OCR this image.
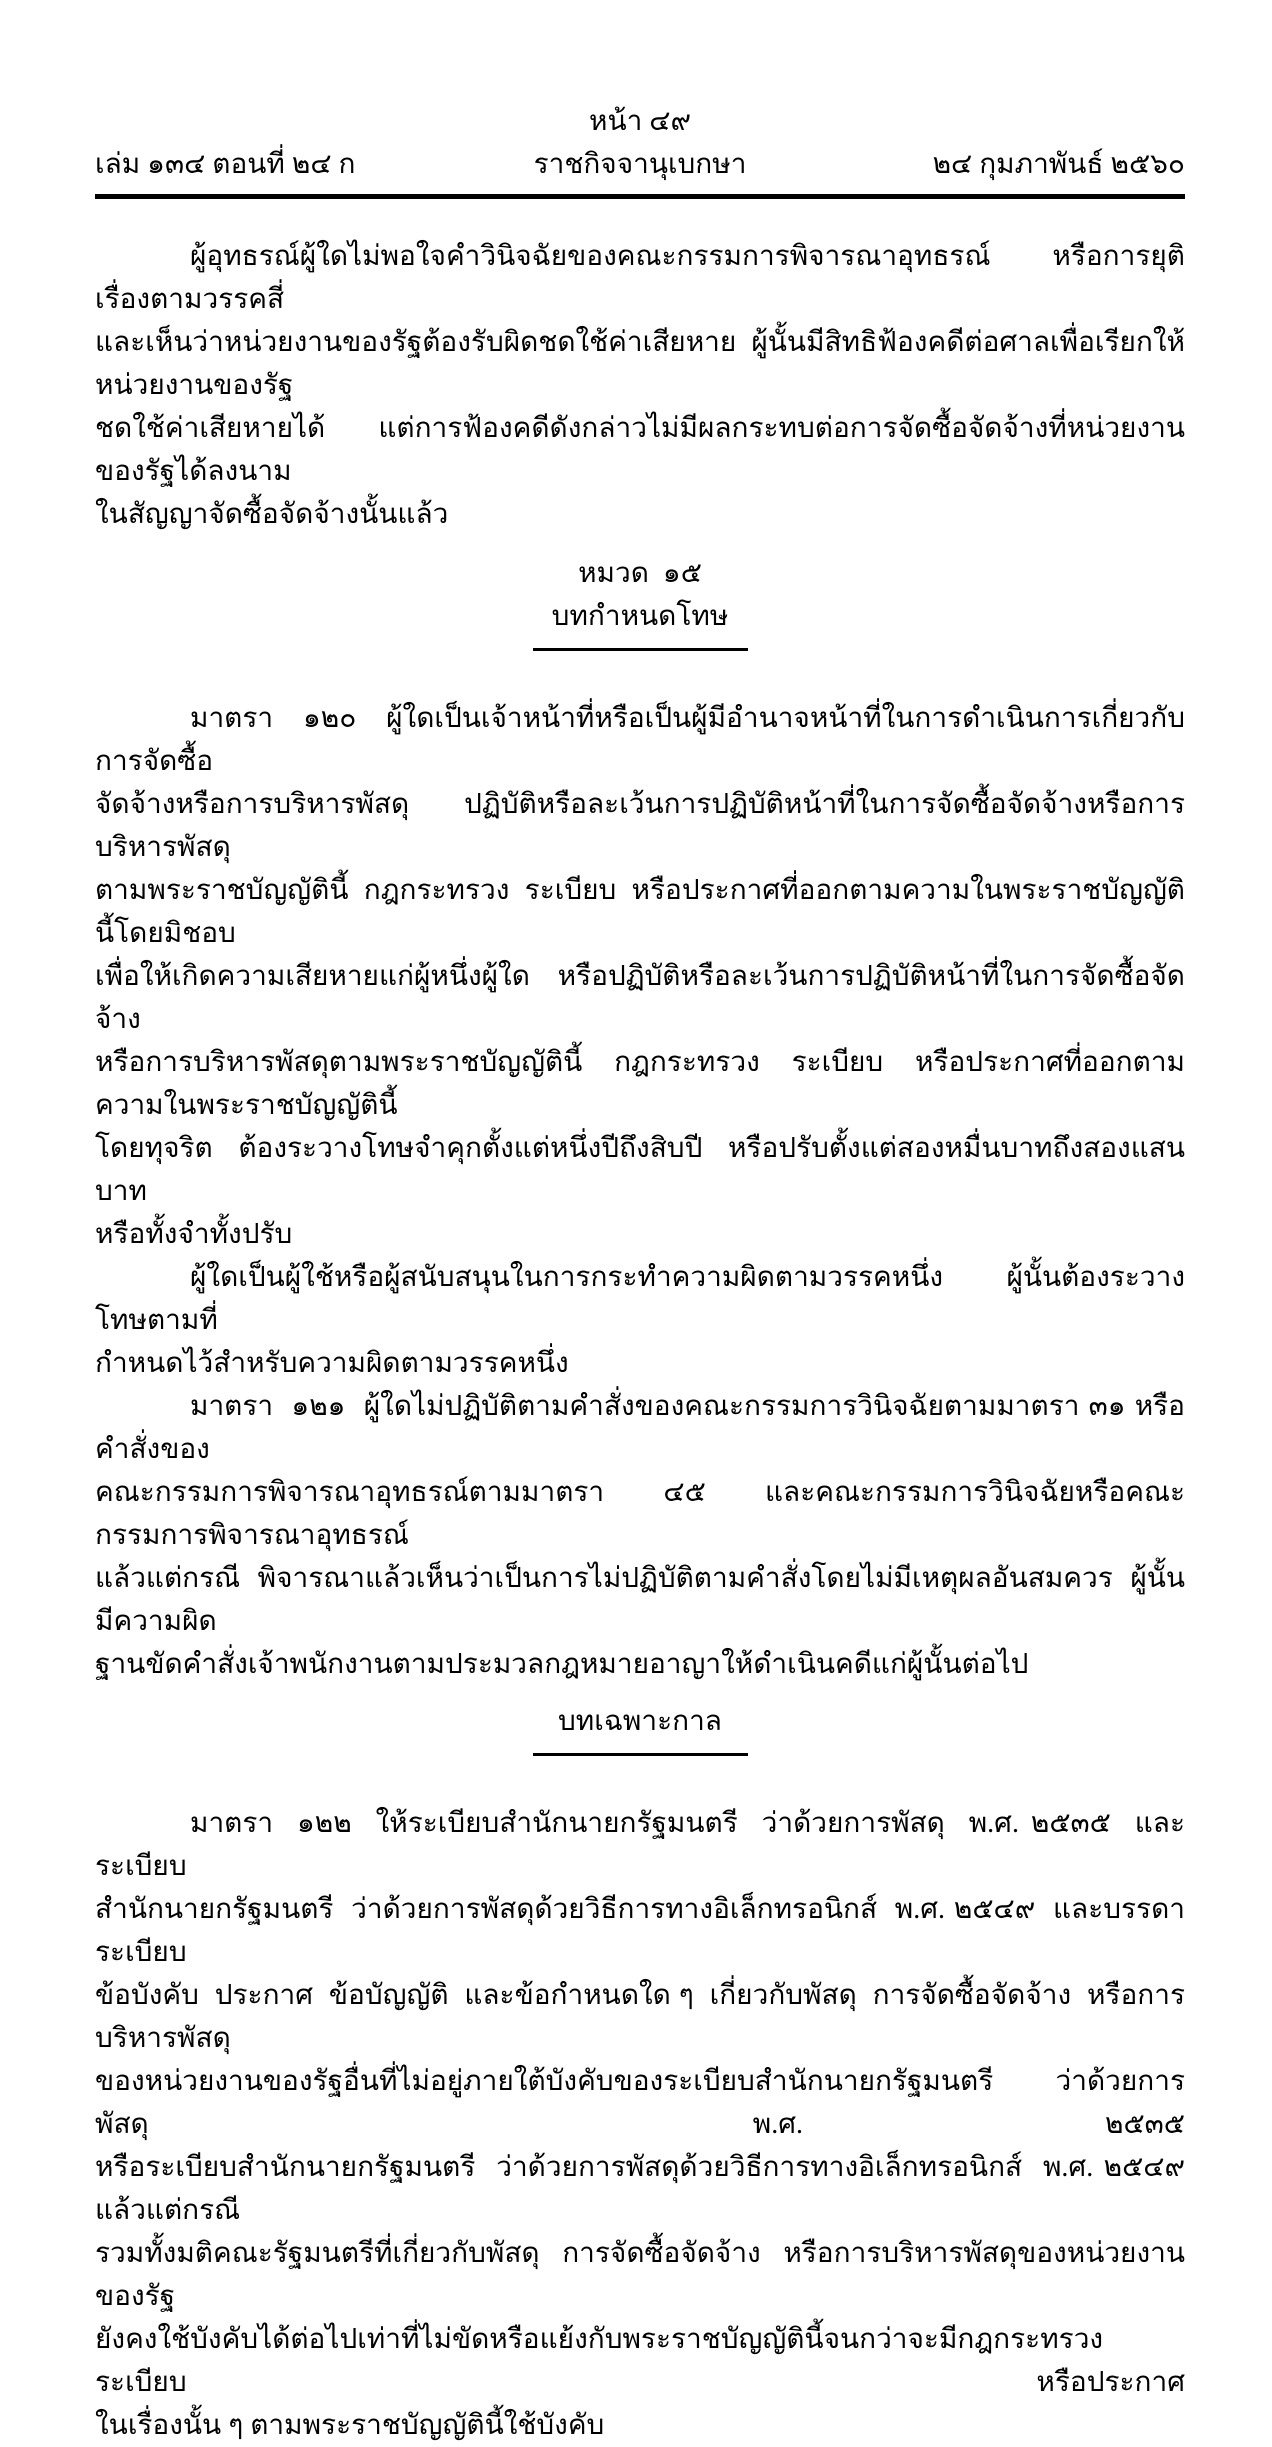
หน้า ๔๙
เล่ม ๑๓๔ ตอนที่ ๒๔ ก	ราชกิจจานุเบกษา	๒๔ กุมภาพันธ์ ๒๕๖๐
ผู้อุทธรณ์ผู้ใดไม่พอใจคำวินิจฉัยของคณะกรรมการพิจารณาอุทธรณ์  หรือการยุติเรื่องตามวรรคสี่
และเห็นว่าหน่วยงานของรัฐต้องรับผิดชดใช้ค่าเสียหาย  ผู้นั้นมีสิทธิฟ้องคดีต่อศาลเพื่อเรียกให้หน่วยงานของรัฐ
ชดใช้ค่าเสียหายได้  แต่การฟ้องคดีดังกล่าวไม่มีผลกระทบต่อการจัดซื้อจัดจ้างที่หน่วยงานของรัฐได้ลงนาม
ในสัญญาจัดซื้อจัดจ้างนั้นแล้ว
หมวด  ๑๕
บทกำหนดโทษ
มาตรา  ๑๒๐  ผู้ใดเป็นเจ้าหน้าที่หรือเป็นผู้มีอำนาจหน้าที่ในการดำเนินการเกี่ยวกับการจัดซื้อ
จัดจ้างหรือการบริหารพัสดุ  ปฏิบัติหรือละเว้นการปฏิบัติหน้าที่ในการจัดซื้อจัดจ้างหรือการบริหารพัสดุ
ตามพระราชบัญญัตินี้  กฎกระทรวง  ระเบียบ  หรือประกาศที่ออกตามความในพระราชบัญญัตินี้โดยมิชอบ
เพื่อให้เกิดความเสียหายแก่ผู้หนึ่งผู้ใด  หรือปฏิบัติหรือละเว้นการปฏิบัติหน้าที่ในการจัดซื้อจัดจ้าง
หรือการบริหารพัสดุตามพระราชบัญญัตินี้  กฎกระทรวง  ระเบียบ  หรือประกาศที่ออกตามความในพระราชบัญญัตินี้
โดยทุจริต  ต้องระวางโทษจำคุกตั้งแต่หนึ่งปีถึงสิบปี  หรือปรับตั้งแต่สองหมื่นบาทถึงสองแสนบาท
หรือทั้งจำทั้งปรับ
ผู้ใดเป็นผู้ใช้หรือผู้สนับสนุนในการกระทำความผิดตามวรรคหนึ่ง  ผู้นั้นต้องระวางโทษตามที่
กำหนดไว้สำหรับความผิดตามวรรคหนึ่ง
มาตรา  ๑๒๑  ผู้ใดไม่ปฏิบัติตามคำสั่งของคณะกรรมการวินิจฉัยตามมาตรา ๓๑ หรือคำสั่งของ
คณะกรรมการพิจารณาอุทธรณ์ตามมาตรา ๔๕ และคณะกรรมการวินิจฉัยหรือคณะกรรมการพิจารณาอุทธรณ์
แล้วแต่กรณี  พิจารณาแล้วเห็นว่าเป็นการไม่ปฏิบัติตามคำสั่งโดยไม่มีเหตุผลอันสมควร  ผู้นั้นมีความผิด
ฐานขัดคำสั่งเจ้าพนักงานตามประมวลกฎหมายอาญาให้ดำเนินคดีแก่ผู้นั้นต่อไป
บทเฉพาะกาล
มาตรา  ๑๒๒  ให้ระเบียบสำนักนายกรัฐมนตรี  ว่าด้วยการพัสดุ  พ.ศ. ๒๕๓๕  และระเบียบ
สำนักนายกรัฐมนตรี  ว่าด้วยการพัสดุด้วยวิธีการทางอิเล็กทรอนิกส์  พ.ศ. ๒๕๔๙  และบรรดาระเบียบ
ข้อบังคับ  ประกาศ  ข้อบัญญัติ  และข้อกำหนดใด ๆ  เกี่ยวกับพัสดุ  การจัดซื้อจัดจ้าง  หรือการบริหารพัสดุ
ของหน่วยงานของรัฐอื่นที่ไม่อยู่ภายใต้บังคับของระเบียบสำนักนายกรัฐมนตรี  ว่าด้วยการพัสดุ  พ.ศ. ๒๕๓๕
หรือระเบียบสำนักนายกรัฐมนตรี  ว่าด้วยการพัสดุด้วยวิธีการทางอิเล็กทรอนิกส์  พ.ศ. ๒๕๔๙  แล้วแต่กรณี
รวมทั้งมติคณะรัฐมนตรีที่เกี่ยวกับพัสดุ  การจัดซื้อจัดจ้าง  หรือการบริหารพัสดุของหน่วยงานของรัฐ
ยังคงใช้บังคับได้ต่อไปเท่าที่ไม่ขัดหรือแย้งกับพระราชบัญญัตินี้จนกว่าจะมีกฎกระทรวง  ระเบียบ  หรือประกาศ
ในเรื่องนั้น ๆ ตามพระราชบัญญัตินี้ใช้บังคับ
